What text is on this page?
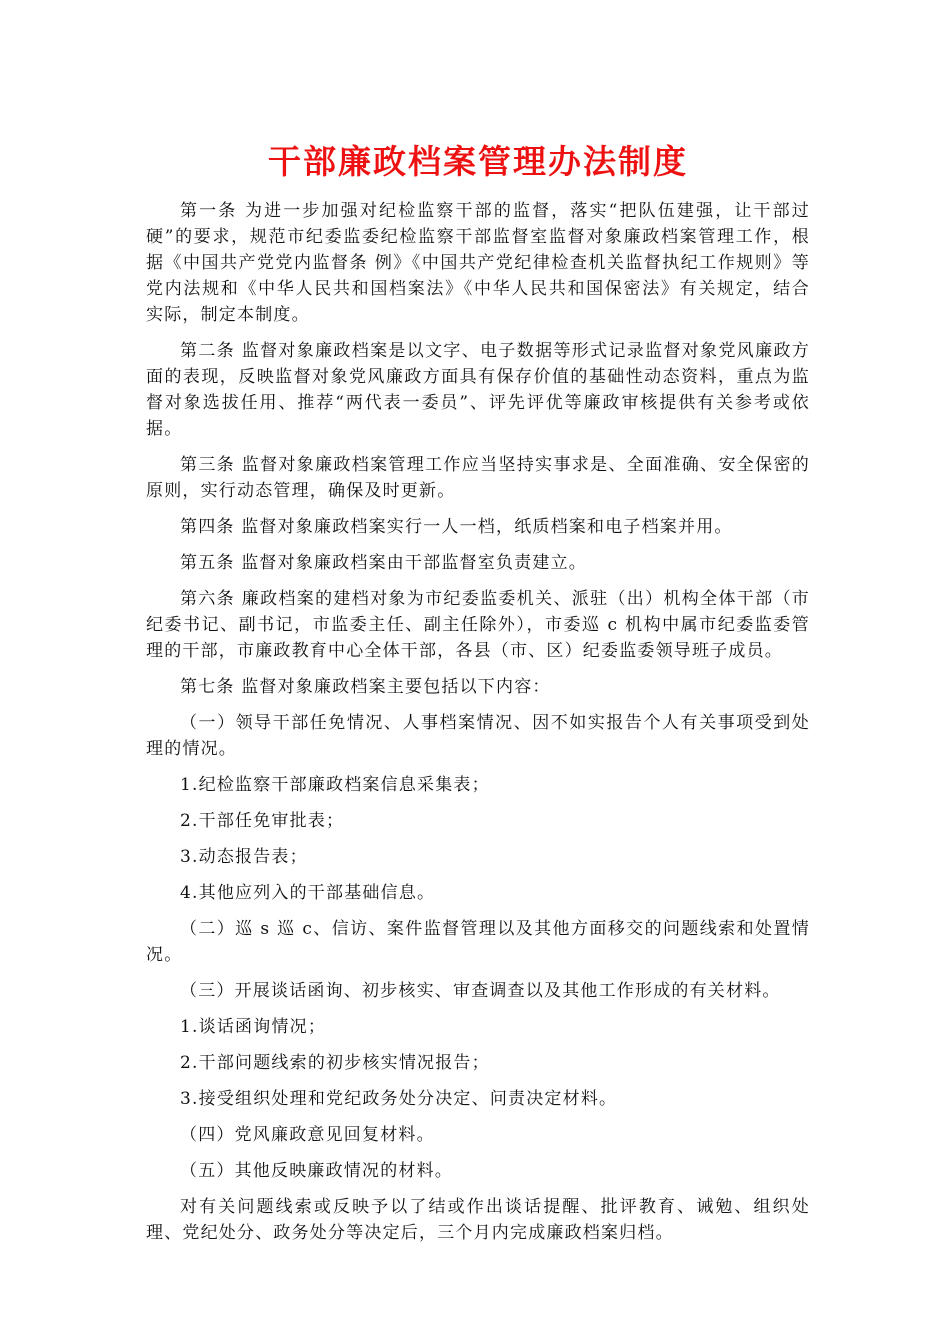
干部廉政档案管理办法制度

第一条 为进一步加强对纪检监察干部的监督，落实“把队伍建强，让干部过硬”的要求，规范市纪委监委纪检监察干部监督室监督对象廉政档案管理工作，根据《中国共产党党内监督条 例》《中国共产党纪律检查机关监督执纪工作规则》等党内法规和《中华人民共和国档案法》《中华人民共和国保密法》有关规定，结合实际，制定本制度。

第二条 监督对象廉政档案是以文字、电子数据等形式记录监督对象党风廉政方面的表现，反映监督对象党风廉政方面具有保存价值的基础性动态资料，重点为监督对象选拔任用、推荐“两代表一委员”、评先评优等廉政审核提供有关参考或依据。

第三条 监督对象廉政档案管理工作应当坚持实事求是、全面准确、安全保密的原则，实行动态管理，确保及时更新。

第四条 监督对象廉政档案实行一人一档，纸质档案和电子档案并用。

第五条 监督对象廉政档案由干部监督室负责建立。

第六条 廉政档案的建档对象为市纪委监委机关、派驻（出）机构全体干部（市纪委书记、副书记，市监委主任、副主任除外），市委巡 c 机构中属市纪委监委管理的干部，市廉政教育中心全体干部，各县（市、区）纪委监委领导班子成员。

第七条 监督对象廉政档案主要包括以下内容：

（一）领导干部任免情况、人事档案情况、因不如实报告个人有关事项受到处理的情况。

1.纪检监察干部廉政档案信息采集表；

2.干部任免审批表；

3.动态报告表；

4.其他应列入的干部基础信息。

（二）巡 s 巡 c、信访、案件监督管理以及其他方面移交的问题线索和处置情况。

（三）开展谈话函询、初步核实、审查调查以及其他工作形成的有关材料。

1.谈话函询情况；

2.干部问题线索的初步核实情况报告；

3.接受组织处理和党纪政务处分决定、问责决定材料。

（四）党风廉政意见回复材料。

（五）其他反映廉政情况的材料。

对有关问题线索或反映予以了结或作出谈话提醒、批评教育、诫勉、组织处理、党纪处分、政务处分等决定后，三个月内完成廉政档案归档。
